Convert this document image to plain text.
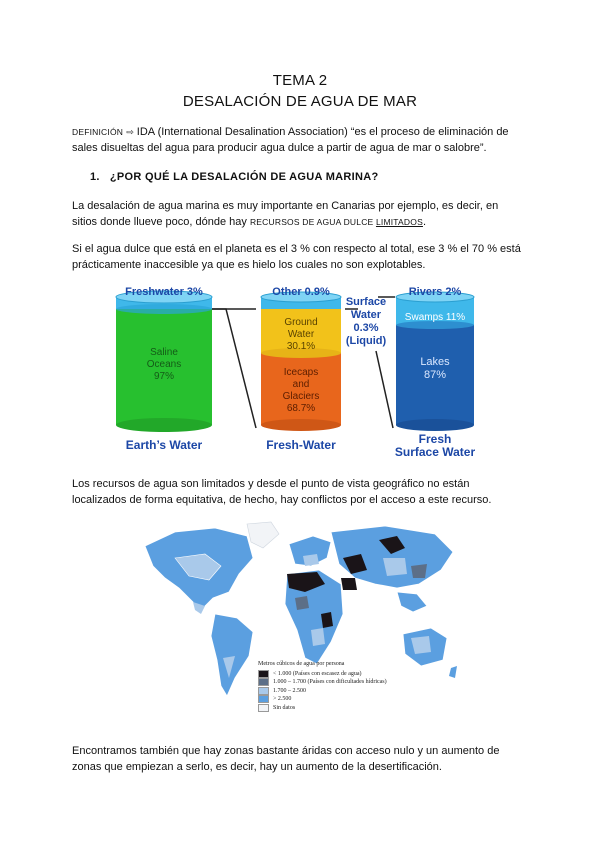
TEMA 2
DESALACIÓN DE AGUA DE MAR
DEFINICIÓN ⇨ IDA (International Desalination Association) “es el proceso de eliminación de
sales disueltas del agua para producir agua dulce a partir de agua de mar o salobre”.
1. ¿POR QUÉ LA DESALACIÓN DE AGUA MARINA?
La desalación de agua marina es muy importante en Canarias por ejemplo, es decir, en
sitios donde llueve poco, dónde hay RECURSOS DE AGUA DULCE LIMITADOS.
Si el agua dulce que está en el planeta es el 3 % con respecto al total, ese 3 % el 70 % está
prácticamente inaccesible ya que es hielo los cuales no son explotables.
Freshwater 3%
Saline
Oceans
97%
Earth’s Water
Other 0.9%
Ground
Water
30.1%
Icecaps
and
Glaciers
68.7%
Fresh-Water
Surface
Water
0.3%
(Liquid)
Rivers 2%
Swamps 11%
Lakes
87%
Fresh
Surface Water
Los recursos de agua son limitados y desde el punto de vista geográfico no están
localizados de forma equitativa, de hecho, hay conflictos por el acceso a este recurso.
Metros cúbicos de agua por persona
< 1.000 (Países con escasez de agua)
1.000 – 1.700 (Países con dificultades hídricas)
1.700 – 2.500
> 2.500
Sin datos
Encontramos también que hay zonas bastante áridas con acceso nulo y un aumento de
zonas que empiezan a serlo, es decir, hay un aumento de la desertificación.
